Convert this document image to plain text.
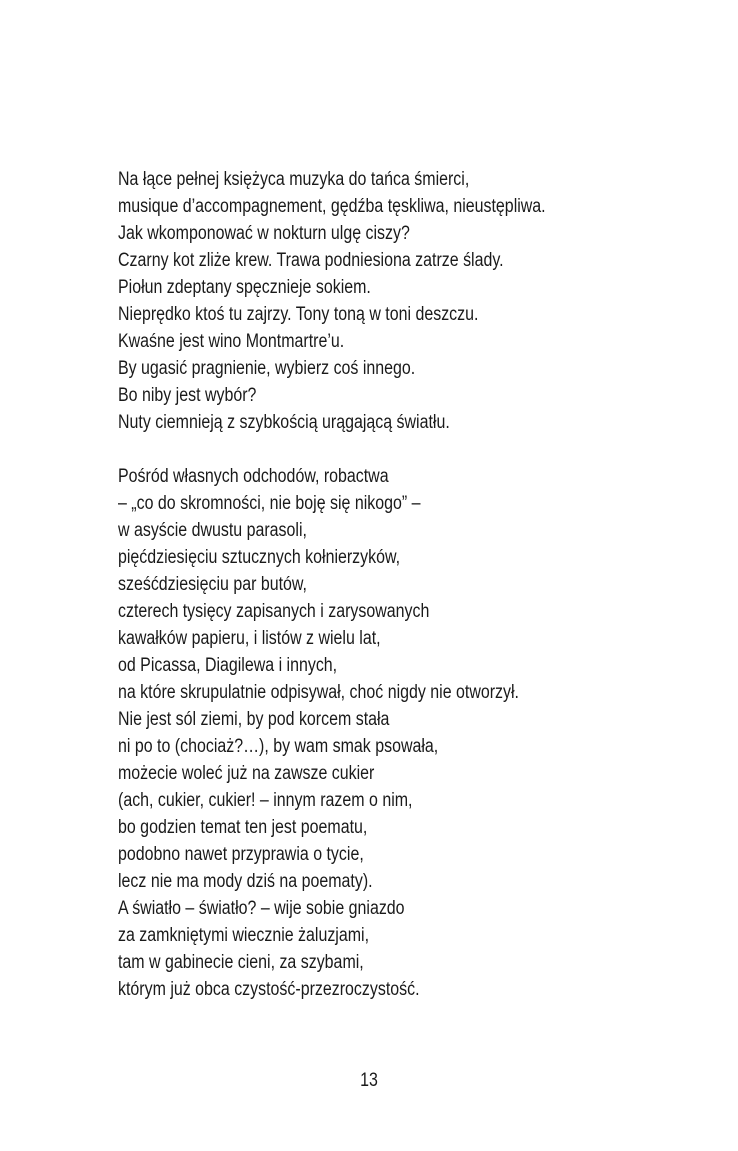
Na łące pełnej księżyca muzyka do tańca śmierci,
musique d’accompagnement, gędźba tęskliwa, nieustępliwa.
Jak wkomponować w nokturn ulgę ciszy?
Czarny kot zliże krew. Trawa podniesiona zatrze ślady.
Piołun zdeptany spęcznieje sokiem.
Nieprędko ktoś tu zajrzy. Tony toną w toni deszczu.
Kwaśne jest wino Montmartre’u.
By ugasić pragnienie, wybierz coś innego.
Bo niby jest wybór?
Nuty ciemnieją z szybkością urągającą światłu.
Pośród własnych odchodów, robactwa
– „co do skromności, nie boję się nikogo” –
w asyście dwustu parasoli,
pięćdziesięciu sztucznych kołnierzyków,
sześćdziesięciu par butów,
czterech tysięcy zapisanych i zarysowanych
kawałków papieru, i listów z wielu lat,
od Picassa, Diagilewa i innych,
na które skrupulatnie odpisywał, choć nigdy nie otworzył.
Nie jest sól ziemi, by pod korcem stała
ni po to (chociaż?…), by wam smak psowała,
możecie woleć już na zawsze cukier
(ach, cukier, cukier! – innym razem o nim,
bo godzien temat ten jest poematu,
podobno nawet przyprawia o tycie,
lecz nie ma mody dziś na poematy).
A światło – światło? – wije sobie gniazdo
za zamkniętymi wiecznie żaluzjami,
tam w gabinecie cieni, za szybami,
którym już obca czystość-przezroczystość.
13
